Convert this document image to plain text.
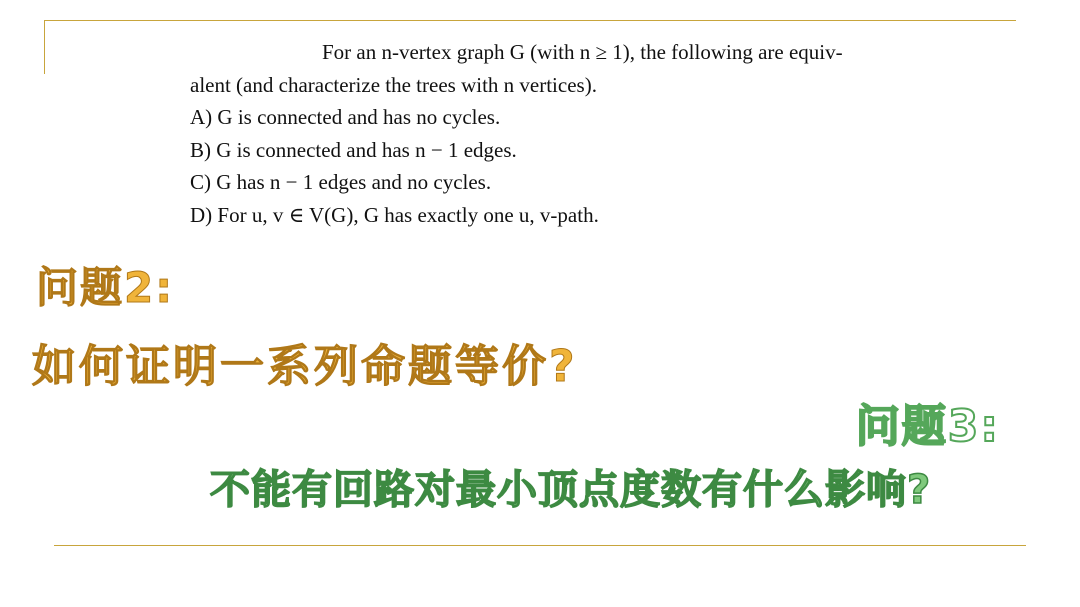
For an n-vertex graph G (with n ≥ 1), the following are equiv-
alent (and characterize the trees with n vertices).
A) G is connected and has no cycles.
B) G is connected and has n − 1 edges.
C) G has n − 1 edges and no cycles.
D) For u, v ∈ V(G), G has exactly one u, v-path.
问题2:
如何证明一系列命题等价?
问题3:
不能有回路对最小顶点度数有什么影响?
